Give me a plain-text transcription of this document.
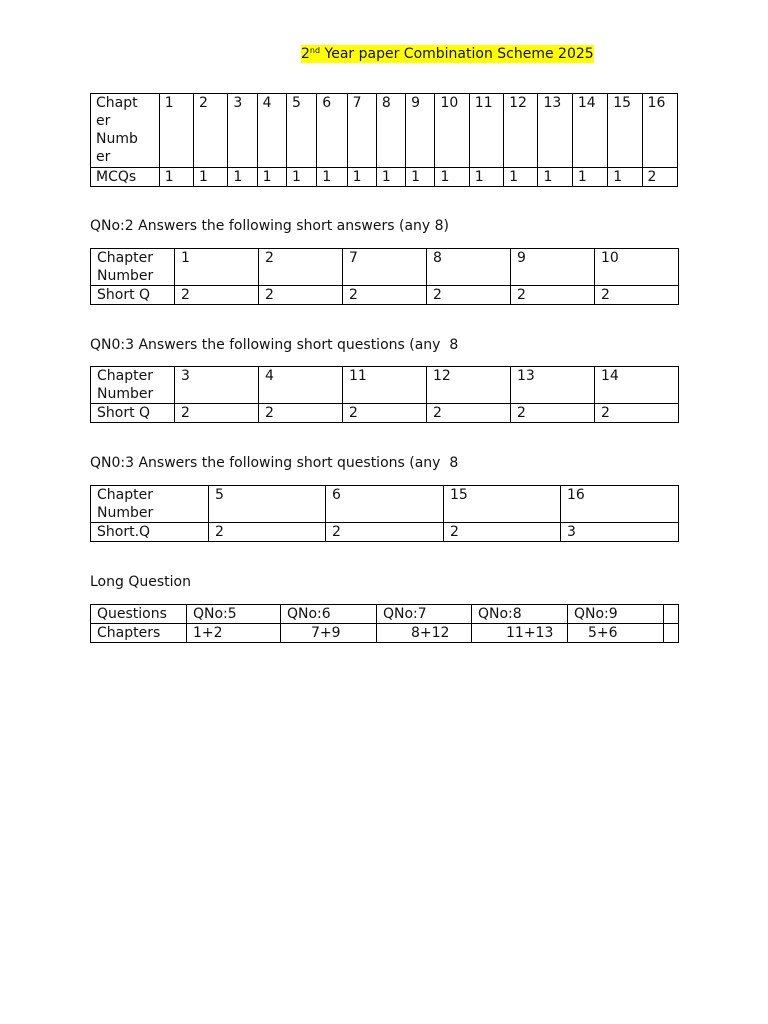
2nd Year paper Combination Scheme 2025
Chapt
er
Numb
er	1	2	3	4	5	6	7	8	9	10	11	12	13	14	15	16
MCQs	1	1	1	1	1	1	1	1	1	1	1	1	1	1	1	2
QNo:2 Answers the following short answers (any 8)
Chapter Number	1	2	7	8	9	10
Short Q	2	2	2	2	2	2
QN0:3 Answers the following short questions (any  8
Chapter Number	3	4	11	12	13	14
Short Q	2	2	2	2	2	2
QN0:3 Answers the following short questions (any  8
Chapter Number	5	6	15	16
Short.Q	2	2	2	3
Long Question
Questions	QNo:5	QNo:6	QNo:7	QNo:8	QNo:9	
Chapters	1+2	7+9	8+12	11+13	5+6	
